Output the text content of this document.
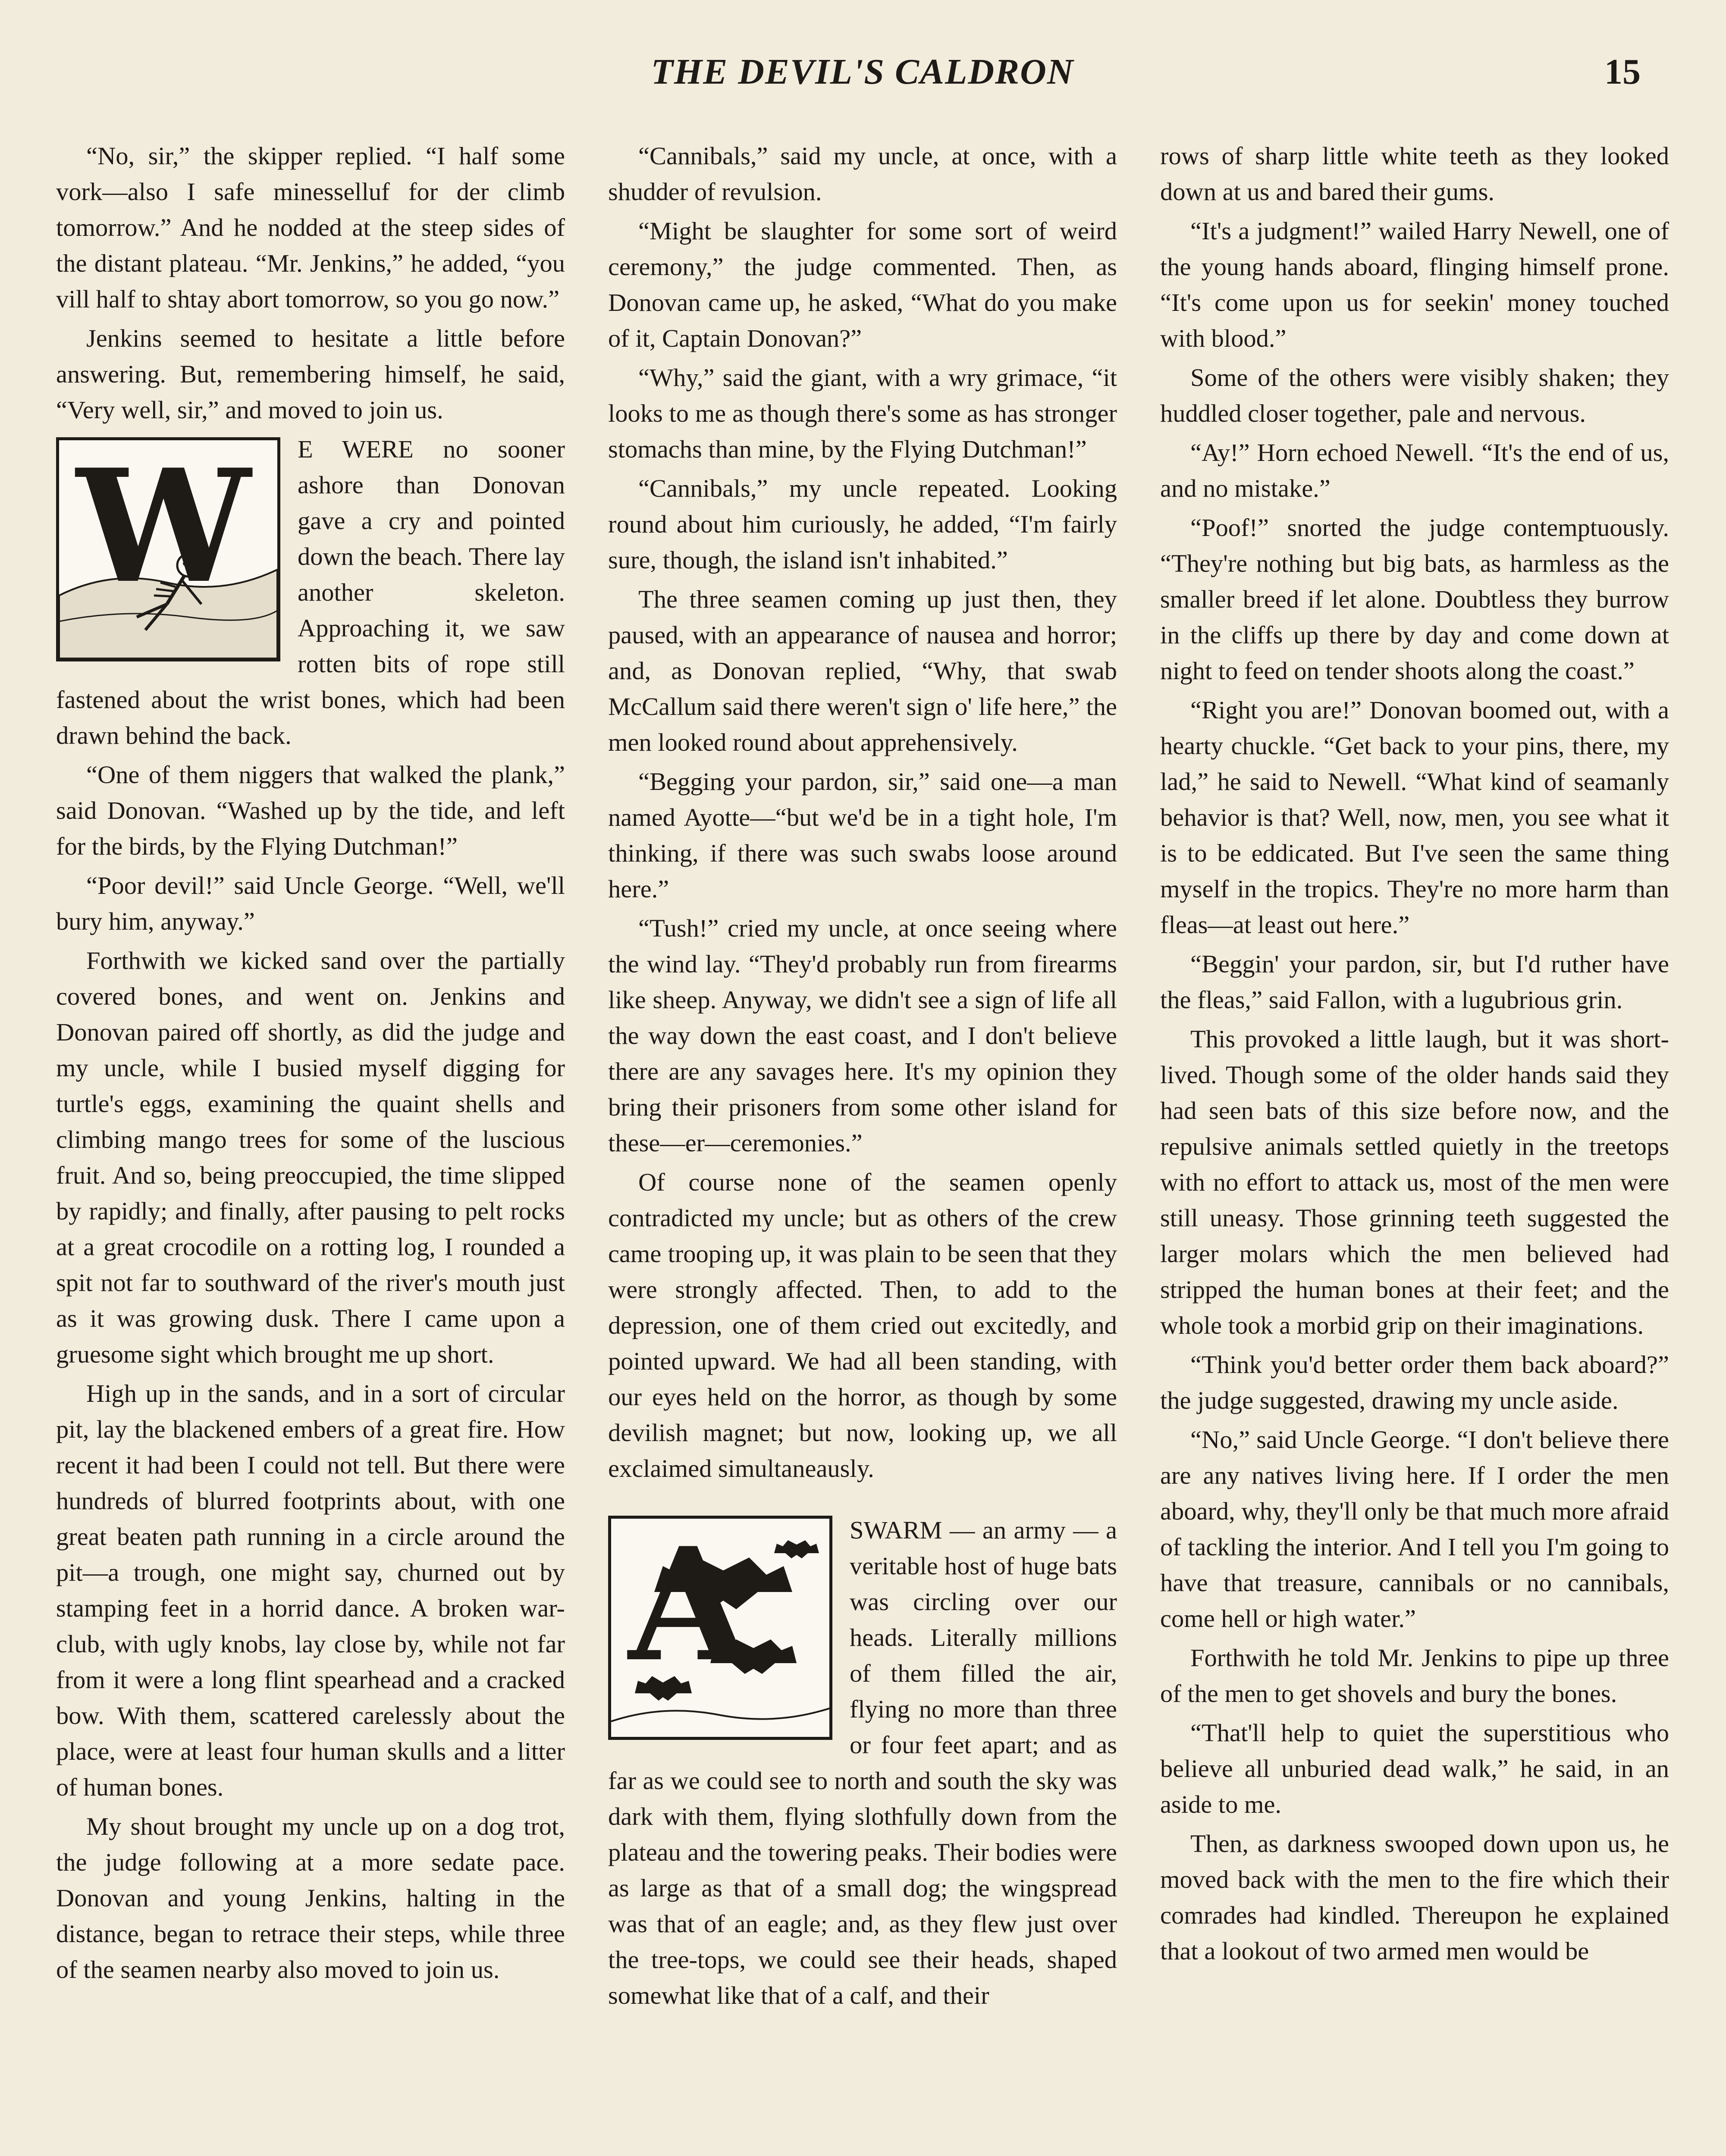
THE DEVIL'S CALDRON	15

“No, sir,” the skipper replied. “I half some vork—also I safe minesselluf for der climb tomorrow.” And he nodded at the steep sides of the distant plateau. “Mr. Jenkins,” he added, “you vill half to shtay abort tomorrow, so you go now.”

Jenkins seemed to hesitate a little before answering. But, remembering himself, he said, “Very well, sir,” and moved to join us.

W	E WERE no sooner ashore than Donovan gave a cry and pointed down the beach. There lay another skeleton. Approaching it, we saw rotten bits of rope still fastened about the wrist bones, which had been drawn behind the back.

“One of them niggers that walked the plank,” said Donovan. “Washed up by the tide, and left for the birds, by the Flying Dutchman!”

“Poor devil!” said Uncle George. “Well, we'll bury him, anyway.”

Forthwith we kicked sand over the partially covered bones, and went on. Jenkins and Donovan paired off shortly, as did the judge and my uncle, while I busied myself digging for turtle's eggs, examining the quaint shells and climbing mango trees for some of the luscious fruit. And so, being preoccupied, the time slipped by rapidly; and finally, after pausing to pelt rocks at a great crocodile on a rotting log, I rounded a spit not far to southward of the river's mouth just as it was growing dusk. There I came upon a gruesome sight which brought me up short.

High up in the sands, and in a sort of circular pit, lay the blackened embers of a great fire. How recent it had been I could not tell. But there were hundreds of blurred footprints about, with one great beaten path running in a circle around the pit—a trough, one might say, churned out by stamping feet in a horrid dance. A broken war-club, with ugly knobs, lay close by, while not far from it were a long flint spearhead and a cracked bow. With them, scattered carelessly about the place, were at least four human skulls and a litter of human bones.

My shout brought my uncle up on a dog trot, the judge following at a more sedate pace. Donovan and young Jenkins, halting in the distance, began to retrace their steps, while three of the seamen nearby also moved to join us.

“Cannibals,” said my uncle, at once, with a shudder of revulsion.

“Might be slaughter for some sort of weird ceremony,” the judge commented. Then, as Donovan came up, he asked, “What do you make of it, Captain Donovan?”

“Why,” said the giant, with a wry grimace, “it looks to me as though there's some as has stronger stomachs than mine, by the Flying Dutchman!”

“Cannibals,” my uncle repeated. Looking round about him curiously, he added, “I'm fairly sure, though, the island isn't inhabited.”

The three seamen coming up just then, they paused, with an appearance of nausea and horror; and, as Donovan replied, “Why, that swab McCallum said there weren't sign o' life here,” the men looked round about apprehensively.

“Begging your pardon, sir,” said one—a man named Ayotte—“but we'd be in a tight hole, I'm thinking, if there was such swabs loose around here.”

“Tush!” cried my uncle, at once seeing where the wind lay. “They'd probably run from firearms like sheep. Anyway, we didn't see a sign of life all the way down the east coast, and I don't believe there are any savages here. It's my opinion they bring their prisoners from some other island for these—er—ceremonies.”

Of course none of the seamen openly contradicted my uncle; but as others of the crew came trooping up, it was plain to be seen that they were strongly affected. Then, to add to the depression, one of them cried out excitedly, and pointed upward. We had all been standing, with our eyes held on the horror, as though by some devilish magnet; but now, looking up, we all exclaimed simultaneausly.

A	SWARM — an army — a veritable host of huge bats was circling over our heads. Literally millions of them filled the air, flying no more than three or four feet apart; and as far as we could see to north and south the sky was dark with them, flying slothfully down from the plateau and the towering peaks. Their bodies were as large as that of a small dog; the wingspread was that of an eagle; and, as they flew just over the tree-tops, we could see their heads, shaped somewhat like that of a calf, and their

rows of sharp little white teeth as they looked down at us and bared their gums.

“It's a judgment!” wailed Harry Newell, one of the young hands aboard, flinging himself prone. “It's come upon us for seekin' money touched with blood.”

Some of the others were visibly shaken; they huddled closer together, pale and nervous.

“Ay!” Horn echoed Newell. “It's the end of us, and no mistake.”

“Poof!” snorted the judge contemptuously. “They're nothing but big bats, as harmless as the smaller breed if let alone. Doubtless they burrow in the cliffs up there by day and come down at night to feed on tender shoots along the coast.”

“Right you are!” Donovan boomed out, with a hearty chuckle. “Get back to your pins, there, my lad,” he said to Newell. “What kind of seamanly behavior is that? Well, now, men, you see what it is to be eddicated. But I've seen the same thing myself in the tropics. They're no more harm than fleas—at least out here.”

“Beggin' your pardon, sir, but I'd ruther have the fleas,” said Fallon, with a lugubrious grin.

This provoked a little laugh, but it was short-lived. Though some of the older hands said they had seen bats of this size before now, and the repulsive animals settled quietly in the treetops with no effort to attack us, most of the men were still uneasy. Those grinning teeth suggested the larger molars which the men believed had stripped the human bones at their feet; and the whole took a morbid grip on their imaginations.

“Think you'd better order them back aboard?” the judge suggested, drawing my uncle aside.

“No,” said Uncle George. “I don't believe there are any natives living here. If I order the men aboard, why, they'll only be that much more afraid of tackling the interior. And I tell you I'm going to have that treasure, cannibals or no cannibals, come hell or high water.”

Forthwith he told Mr. Jenkins to pipe up three of the men to get shovels and bury the bones.

“That'll help to quiet the superstitious who believe all unburied dead walk,” he said, in an aside to me.

Then, as darkness swooped down upon us, he moved back with the men to the fire which their comrades had kindled. Thereupon he explained that a lookout of two armed men would be
